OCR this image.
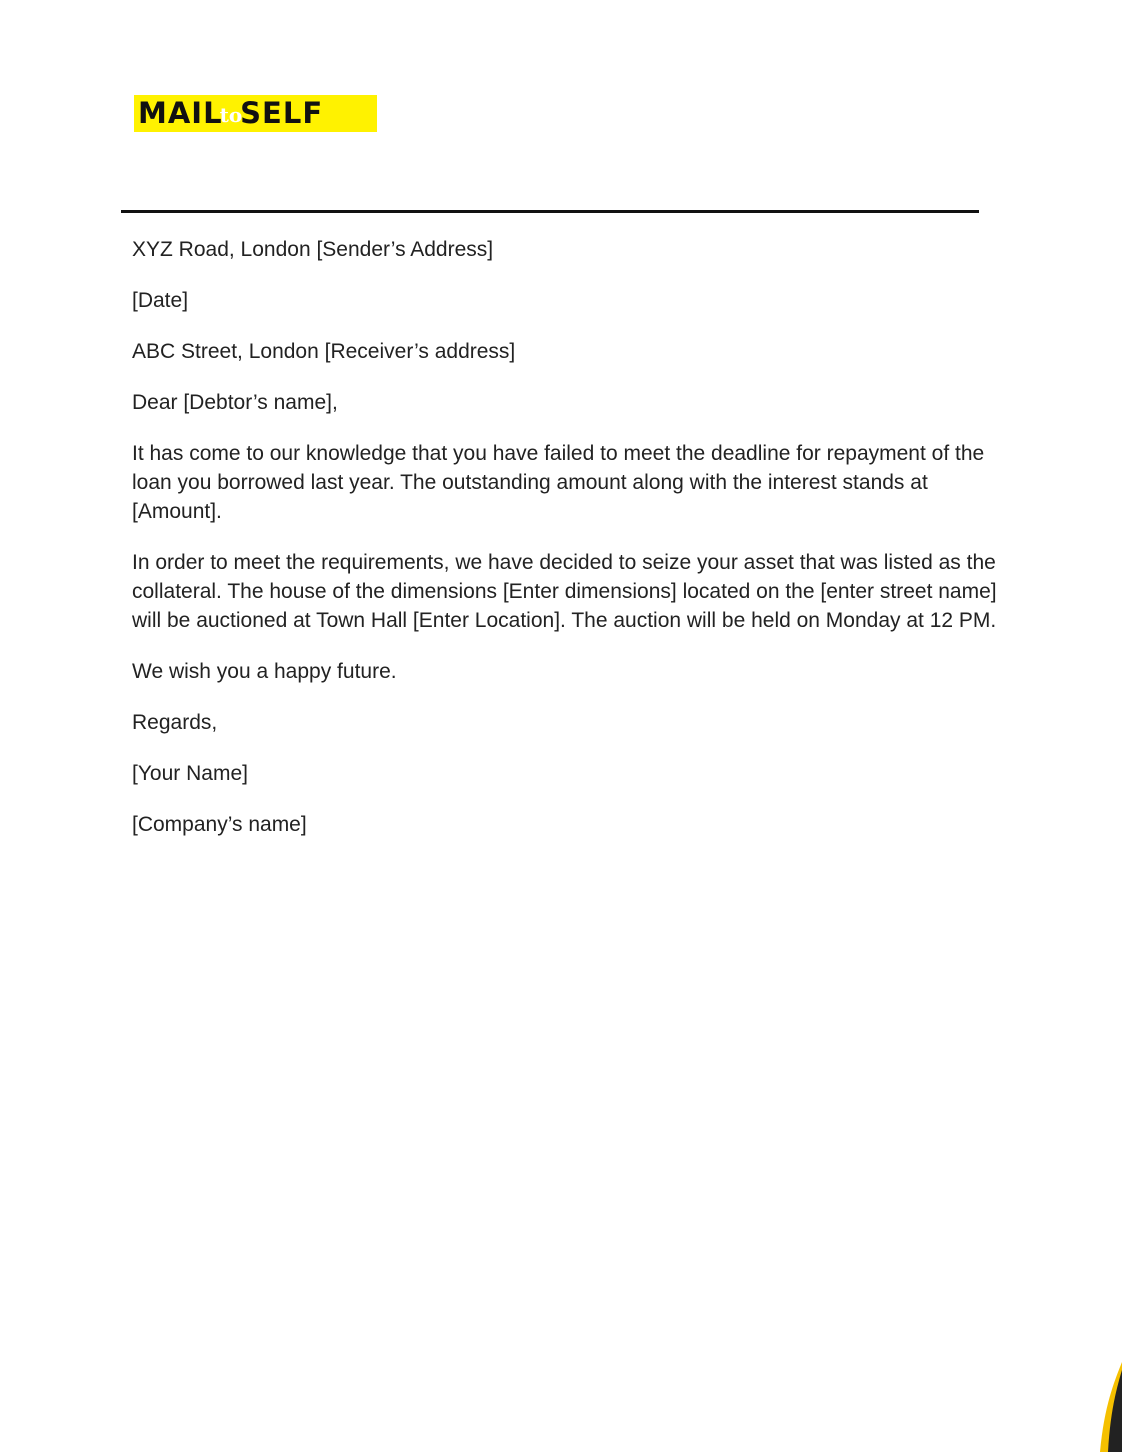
MAIL
to
SELF

XYZ Road, London [Sender’s Address]

[Date]

ABC Street, London [Receiver’s address]

Dear [Debtor’s name],

It has come to our knowledge that you have failed to meet the deadline for repayment of the loan you borrowed last year. The outstanding amount along with the interest stands at [Amount].

In order to meet the requirements, we have decided to seize your asset that was listed as the collateral. The house of the dimensions [Enter dimensions] located on the [enter street name] will be auctioned at Town Hall [Enter Location]. The auction will be held on Monday at 12 PM.

We wish you a happy future.

Regards,

[Your Name]

[Company’s name]
